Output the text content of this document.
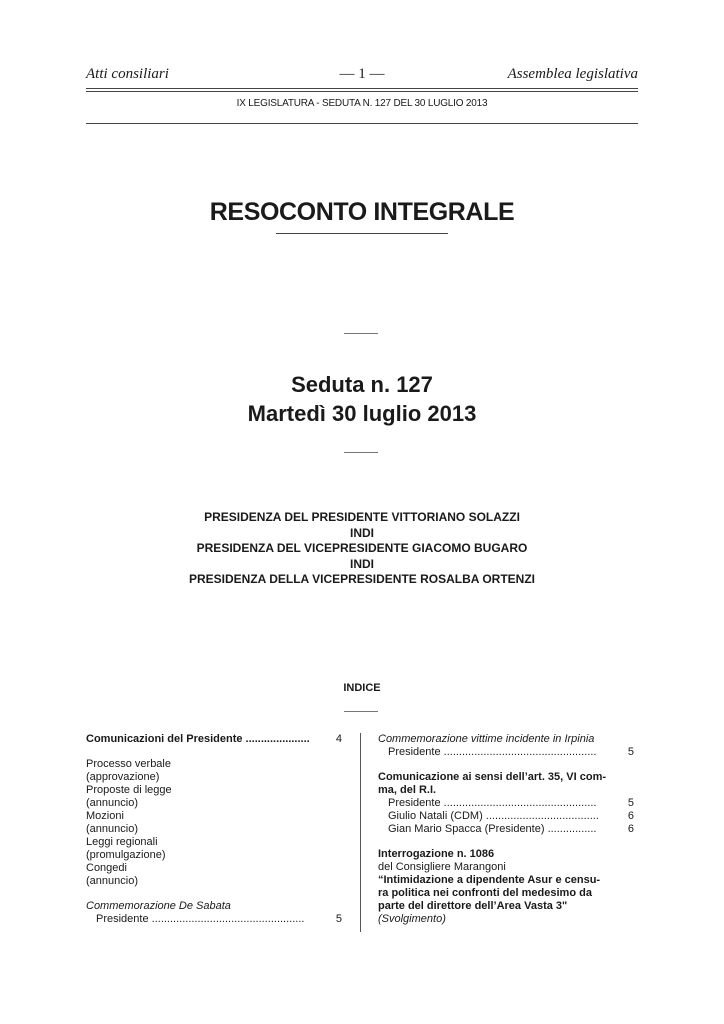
Atti consiliari	— 1 —	Assemblea legislativa
IX LEGISLATURA - SEDUTA N. 127 DEL 30 LUGLIO 2013
RESOCONTO INTEGRALE
Seduta n. 127
Martedì 30 luglio 2013
PRESIDENZA DEL PRESIDENTE VITTORIANO SOLAZZI
INDI
PRESIDENZA DEL VICEPRESIDENTE GIACOMO BUGARO
INDI
PRESIDENZA DELLA VICEPRESIDENTE ROSALBA ORTENZI
INDICE
Comunicazioni del Presidente ..................... 4
Processo verbale
(approvazione)
Proposte di legge
(annuncio)
Mozioni
(annuncio)
Leggi regionali
(promulgazione)
Congedi
(annuncio)
Commemorazione De Sabata
Presidente ..................................................	5
Commemorazione vittime incidente in Irpinia
Presidente ..................................................	5
Comunicazione ai sensi dell’art. 35, VI com-
ma, del R.I.
Presidente ..................................................	5
Giulio Natali (CDM) .....................................	6
Gian Mario Spacca (Presidente) ................	6
Interrogazione n. 1086
del Consigliere Marangoni
“Intimidazione a dipendente Asur e censu-
ra politica nei confronti del medesimo da
parte del direttore dell’Area Vasta 3"
(Svolgimento)
